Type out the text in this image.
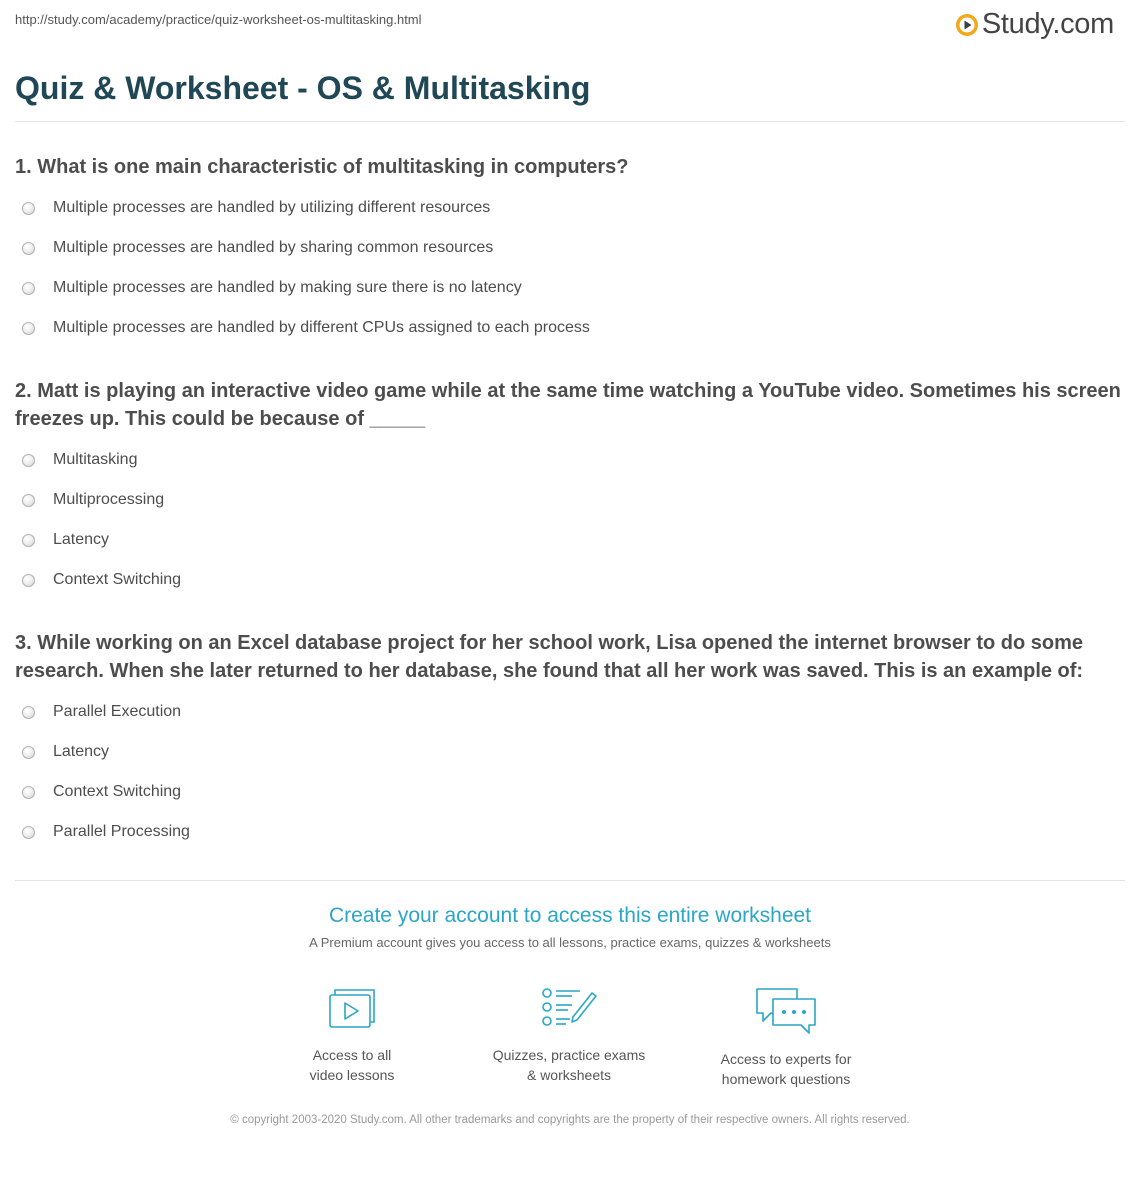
http://study.com/academy/practice/quiz-worksheet-os-multitasking.html	Study.com
Quiz & Worksheet - OS & Multitasking

1. What is one main characteristic of multitasking in computers?

Multiple processes are handled by utilizing different resources
Multiple processes are handled by sharing common resources
Multiple processes are handled by making sure there is no latency
Multiple processes are handled by different CPUs assigned to each process

2. Matt is playing an interactive video game while at the same time watching a YouTube video. Sometimes his screen freezes up. This could be because of _____

Multitasking
Multiprocessing
Latency
Context Switching

3. While working on an Excel database project for her school work, Lisa opened the internet browser to do some research. When she later returned to her database, she found that all her work was saved. This is an example of:

Parallel Execution
Latency
Context Switching
Parallel Processing

Create your account to access this entire worksheet

A Premium account gives you access to all lessons, practice exams, quizzes & worksheets
Access to all
video lessons
Quizzes, practice exams
& worksheets
Access to experts for
homework questions
© copyright 2003-2020 Study.com. All other trademarks and copyrights are the property of their respective owners. All rights reserved.
